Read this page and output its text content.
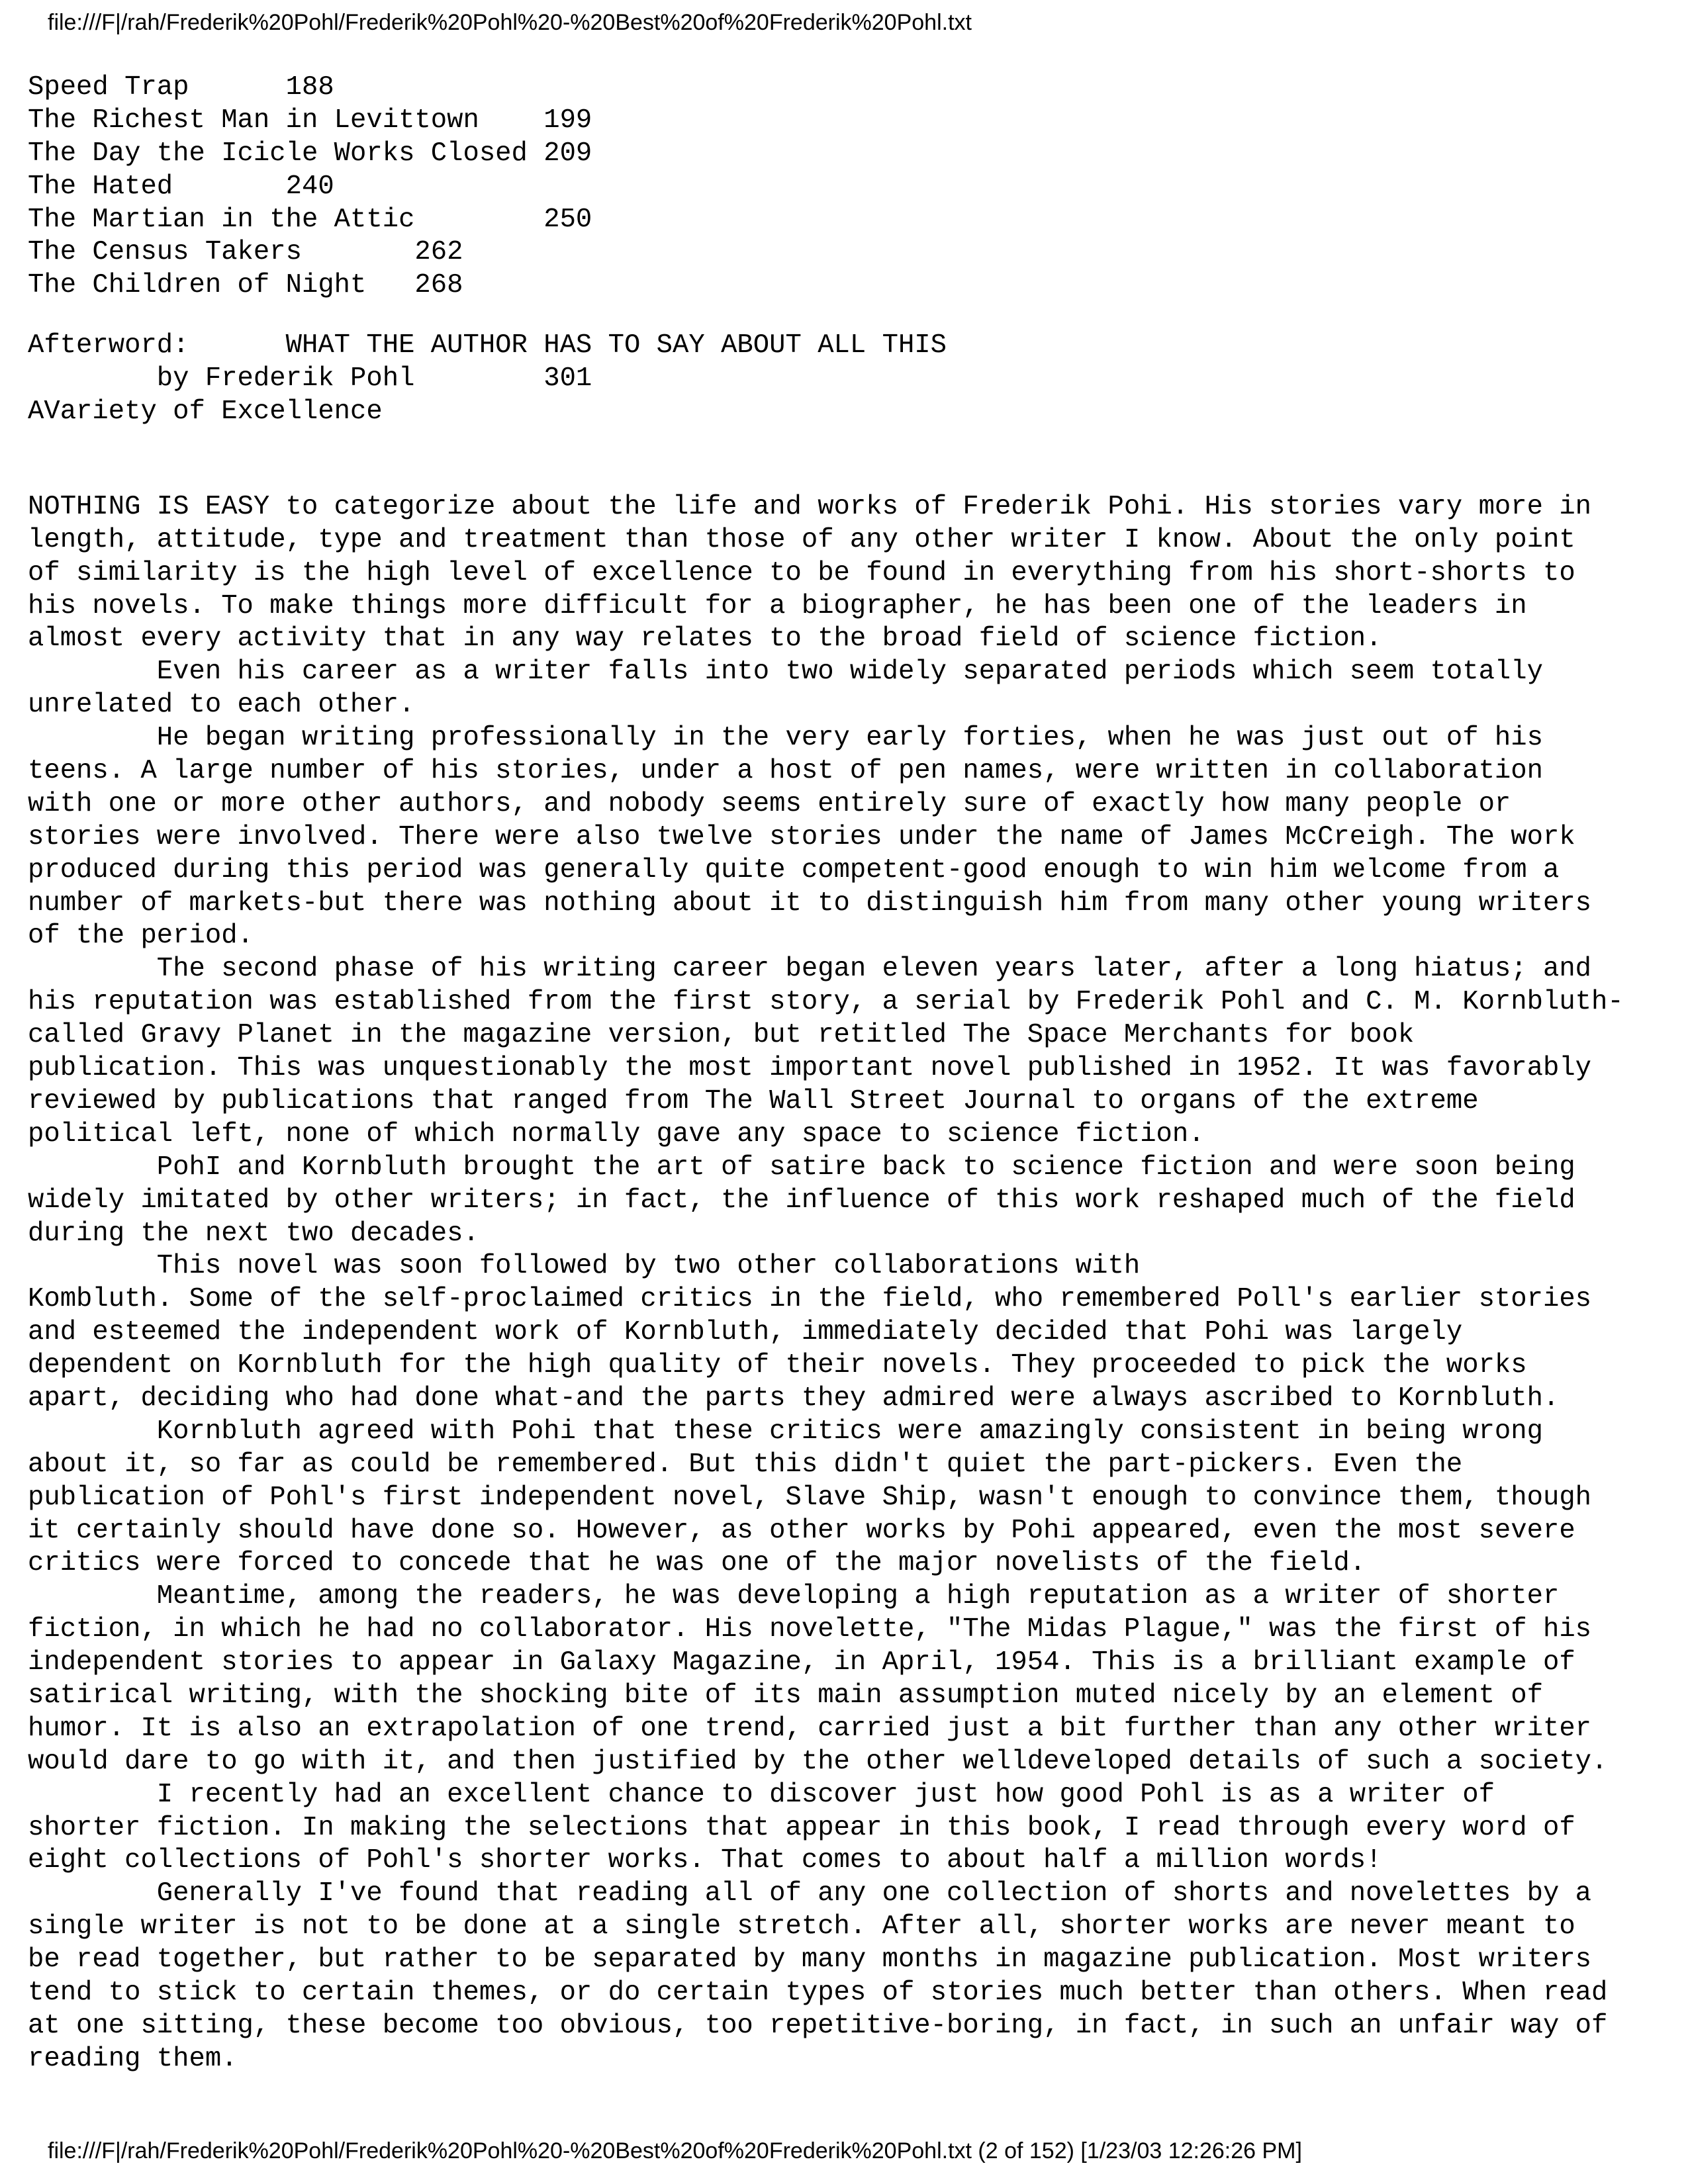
file:///F|/rah/Frederik%20Pohl/Frederik%20Pohl%20-%20Best%20of%20Frederik%20Pohl.txt
Speed Trap      188
The Richest Man in Levittown    199
The Day the Icicle Works Closed 209
The Hated       240
The Martian in the Attic        250
The Census Takers       262
The Children of Night   268
Afterword:      WHAT THE AUTHOR HAS TO SAY ABOUT ALL THIS
by Frederik Pohl        301
AVariety of Excellence
NOTHING IS EASY to categorize about the life and works of Frederik Pohi. His stories vary more in
length, attitude, type and treatment than those of any other writer I know. About the only point
of similarity is the high level of excellence to be found in everything from his short-shorts to
his novels. To make things more difficult for a biographer, he has been one of the leaders in
almost every activity that in any way relates to the broad field of science fiction.
Even his career as a writer falls into two widely separated periods which seem totally
unrelated to each other.
He began writing professionally in the very early forties, when he was just out of his
teens. A large number of his stories, under a host of pen names, were written in collaboration
with one or more other authors, and nobody seems entirely sure of exactly how many people or
stories were involved. There were also twelve stories under the name of James McCreigh. The work
produced during this period was generally quite competent-good enough to win him welcome from a
number of markets-but there was nothing about it to distinguish him from many other young writers
of the period.
The second phase of his writing career began eleven years later, after a long hiatus; and
his reputation was established from the first story, a serial by Frederik Pohl and C. M. Kornbluth-
called Gravy Planet in the magazine version, but retitled The Space Merchants for book
publication. This was unquestionably the most important novel published in 1952. It was favorably
reviewed by publications that ranged from The Wall Street Journal to organs of the extreme
political left, none of which normally gave any space to science fiction.
PohI and Kornbluth brought the art of satire back to science fiction and were soon being
widely imitated by other writers; in fact, the influence of this work reshaped much of the field
during the next two decades.
This novel was soon followed by two other collaborations with
Kombluth. Some of the self-proclaimed critics in the field, who remembered Poll's earlier stories
and esteemed the independent work of Kornbluth, immediately decided that Pohi was largely
dependent on Kornbluth for the high quality of their novels. They proceeded to pick the works
apart, deciding who had done what-and the parts they admired were always ascribed to Kornbluth.
Kornbluth agreed with Pohi that these critics were amazingly consistent in being wrong
about it, so far as could be remembered. But this didn't quiet the part-pickers. Even the
publication of Pohl's first independent novel, Slave Ship, wasn't enough to convince them, though
it certainly should have done so. However, as other works by Pohi appeared, even the most severe
critics were forced to concede that he was one of the major novelists of the field.
Meantime, among the readers, he was developing a high reputation as a writer of shorter
fiction, in which he had no collaborator. His novelette, "The Midas Plague," was the first of his
independent stories to appear in Galaxy Magazine, in April, 1954. This is a brilliant example of
satirical writing, with the shocking bite of its main assumption muted nicely by an element of
humor. It is also an extrapolation of one trend, carried just a bit further than any other writer
would dare to go with it, and then justified by the other welldeveloped details of such a society.
I recently had an excellent chance to discover just how good Pohl is as a writer of
shorter fiction. In making the selections that appear in this book, I read through every word of
eight collections of Pohl's shorter works. That comes to about half a million words!
Generally I've found that reading all of any one collection of shorts and novelettes by a
single writer is not to be done at a single stretch. After all, shorter works are never meant to
be read together, but rather to be separated by many months in magazine publication. Most writers
tend to stick to certain themes, or do certain types of stories much better than others. When read
at one sitting, these become too obvious, too repetitive-boring, in fact, in such an unfair way of
reading them.
file:///F|/rah/Frederik%20Pohl/Frederik%20Pohl%20-%20Best%20of%20Frederik%20Pohl.txt (2 of 152) [1/23/03 12:26:26 PM]
